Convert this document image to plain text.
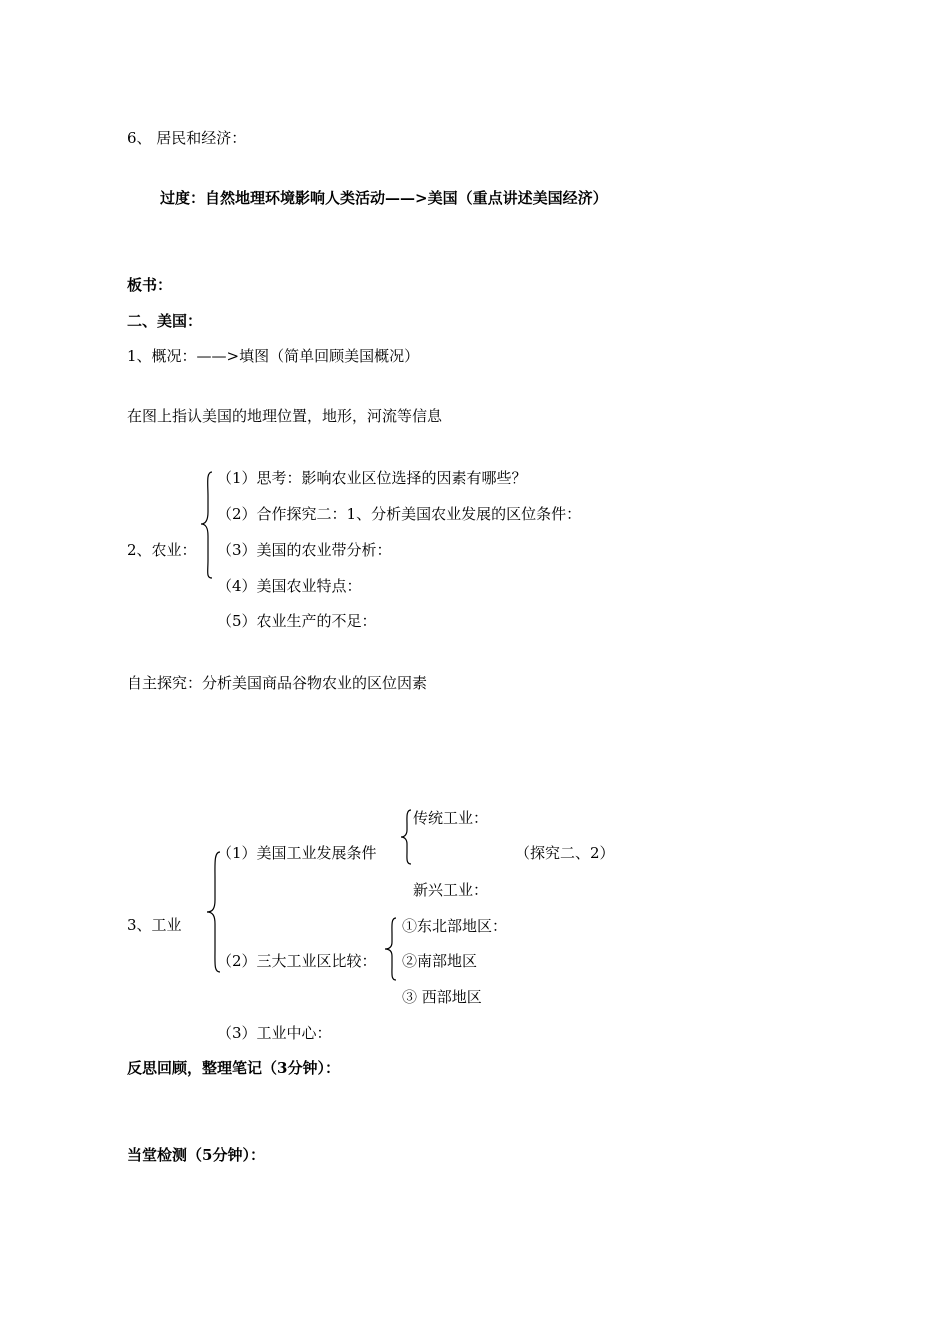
6、 居民和经济：
过度：自然地理环境影响人类活动——>美国（重点讲述美国经济）
板书：
二、美国：
1、概况：——>填图（简单回顾美国概况）
在图上指认美国的地理位置，地形，河流等信息
2、农业：
（1）思考：影响农业区位选择的因素有哪些？
（2）合作探究二：1、分析美国农业发展的区位条件：
（3）美国的农业带分析：
（4）美国农业特点：
（5）农业生产的不足：
自主探究：分析美国商品谷物农业的区位因素
3、工业
（1）美国工业发展条件
传统工业：
（探究二、2）
新兴工业：
（2）三大工业区比较：
①东北部地区：
②南部地区
③ 西部地区
（3）工业中心：
反思回顾，整理笔记（3分钟）：
当堂检测（5分钟）：
